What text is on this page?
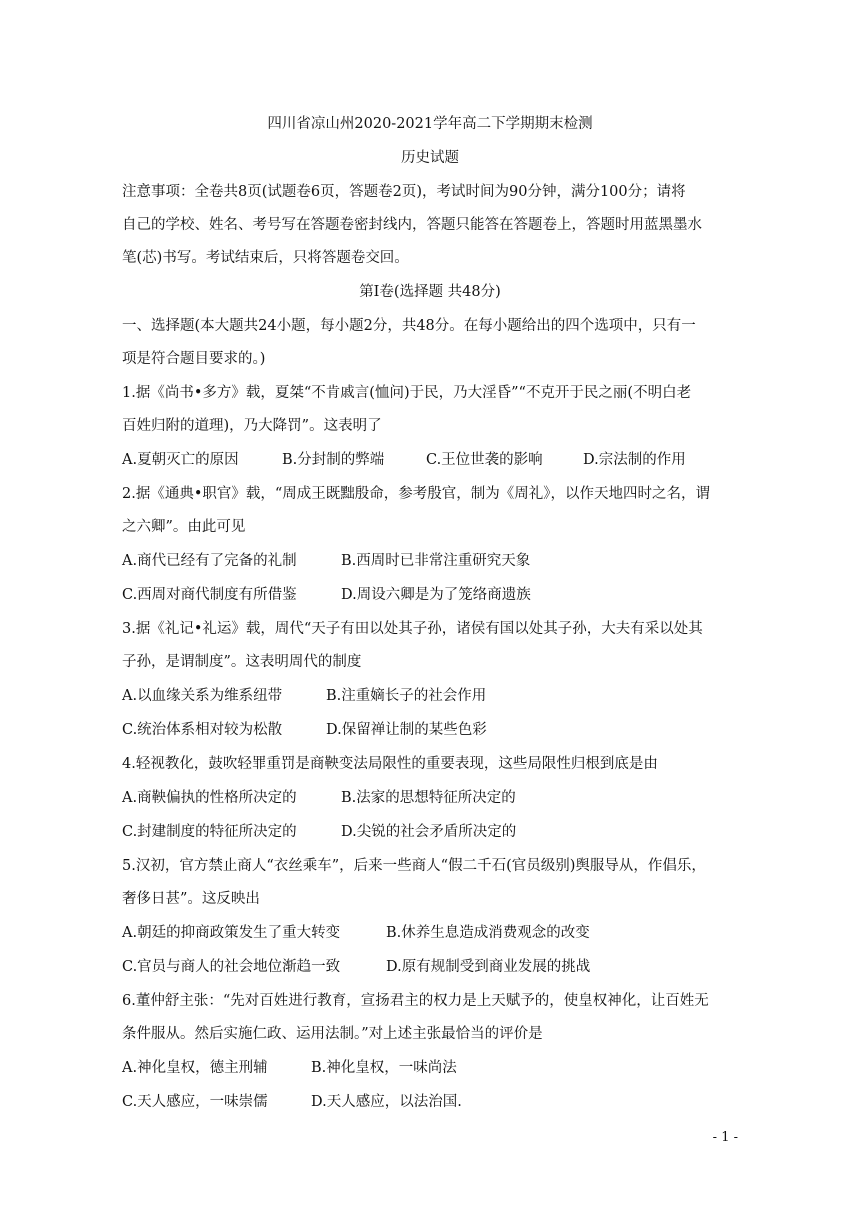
四川省凉山州2020-2021学年高二下学期期末检测
历史试题
注意事项：全卷共8页(试题卷6页，答题卷2页)，考试时间为90分钟，满分100分；请将
自己的学校、姓名、考号写在答题卷密封线内，答题只能答在答题卷上，答题时用蓝黑墨水
笔(芯)书写。考试结束后，只将答题卷交回。
第I卷(选择题 共48分)
一、选择题(本大题共24小题，每小题2分，共48分。在每小题给出的四个选项中，只有一
项是符合题目要求的。)
1.据《尚书•多方》载，夏桀“不肯戚言(恤问)于民，乃大淫昏”“不克开于民之丽(不明白老
百姓归附的道理)，乃大降罚”。这表明了
A.夏朝灭亡的原因	B.分封制的弊端	C.王位世袭的影响	D.宗法制的作用
2.据《通典•职官》载，“周成王既黜殷命，参考殷官，制为《周礼》，以作天地四时之名，谓
之六卿”。由此可见
A.商代已经有了完备的礼制	B.西周时已非常注重研究天象
C.西周对商代制度有所借鉴	D.周设六卿是为了笼络商遗族
3.据《礼记•礼运》载，周代“天子有田以处其子孙，诸侯有国以处其子孙，大夫有采以处其
子孙，是谓制度”。这表明周代的制度
A.以血缘关系为维系纽带	B.注重嫡长子的社会作用
C.统治体系相对较为松散	D.保留禅让制的某些色彩
4.轻视教化，鼓吹轻罪重罚是商鞅变法局限性的重要表现，这些局限性归根到底是由
A.商鞅偏执的性格所决定的	B.法家的思想特征所决定的
C.封建制度的特征所决定的	D.尖锐的社会矛盾所决定的
5.汉初，官方禁止商人“衣丝乘车”，后来一些商人“假二千石(官员级别)舆服导从，作倡乐，
奢侈日甚”。这反映出
A.朝廷的抑商政策发生了重大转变	B.休养生息造成消费观念的改变
C.官员与商人的社会地位渐趋一致	D.原有规制受到商业发展的挑战
6.董仲舒主张：“先对百姓进行教育，宣扬君主的权力是上天赋予的，使皇权神化，让百姓无
条件服从。然后实施仁政、运用法制。”对上述主张最恰当的评价是
A.神化皇权，德主刑辅	B.神化皇权，一味尚法
C.天人感应，一味崇儒	D.天人感应，以法治国.
- 1 -
